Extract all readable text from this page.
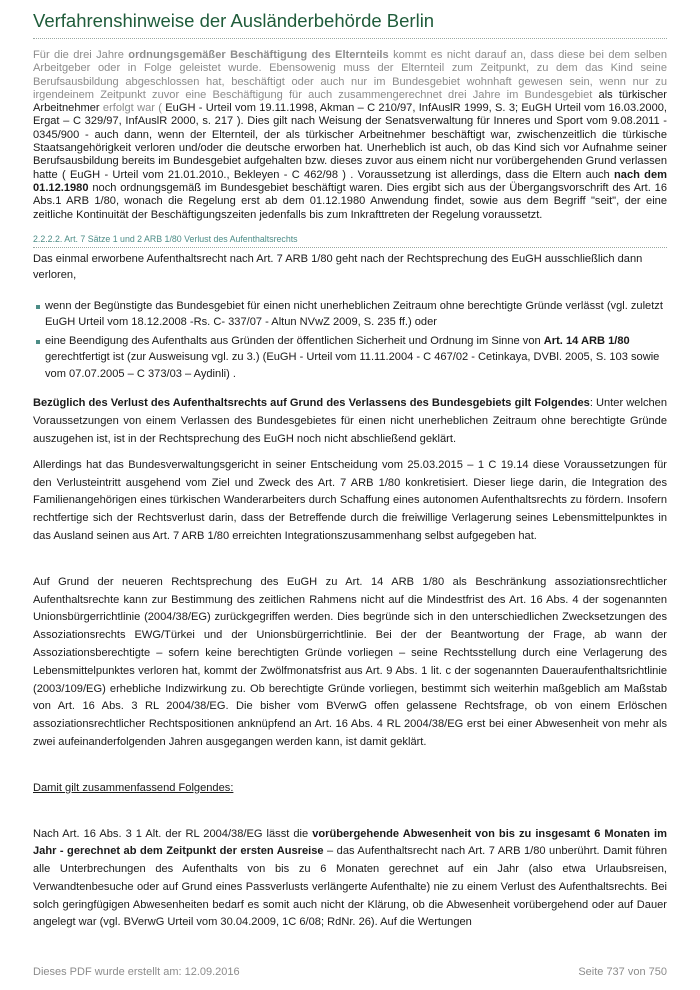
Verfahrenshinweise der Ausländerbehörde Berlin

Für die drei Jahre ordnungsgemäßer Beschäftigung des Elternteils kommt es nicht darauf an, dass diese bei dem selben Arbeitgeber oder in Folge geleistet wurde. Ebensowenig muss der Elternteil zum Zeitpunkt, zu dem das Kind seine Berufsausbildung abgeschlossen hat, beschäftigt oder auch nur im Bundesgebiet wohnhaft gewesen sein, wenn nur zu irgendeinem Zeitpunkt zuvor eine Beschäftigung für auch zusammengerechnet drei Jahre im Bundesgebiet als türkischer Arbeitnehmer erfolgt war ( EuGH - Urteil vom 19.11.1998, Akman – C 210/97, InfAuslR 1999, S. 3; EuGH Urteil vom 16.03.2000, Ergat – C 329/97, InfAuslR 2000, s. 217 ). Dies gilt nach Weisung der Senatsverwaltung für Inneres und Sport vom 9.08.2011 - 0345/900 - auch dann, wenn der Elternteil, der als türkischer Arbeitnehmer beschäftigt war, zwischenzeitlich die türkische Staatsangehörigkeit verloren und/oder die deutsche erworben hat. Unerheblich ist auch, ob das Kind sich vor Aufnahme seiner Berufsausbildung bereits im Bundesgebiet aufgehalten bzw. dieses zuvor aus einem nicht nur vorübergehenden Grund verlassen hatte ( EuGH - Urteil vom 21.01.2010., Bekleyen - C 462/98 ) . Voraussetzung ist allerdings, dass die Eltern auch nach dem 01.12.1980 noch ordnungsgemäß im Bundesgebiet beschäftigt waren. Dies ergibt sich aus der Übergangsvorschrift des Art. 16 Abs.1 ARB 1/80, wonach die Regelung erst ab dem 01.12.1980 Anwendung findet, sowie aus dem Begriff "seit", der eine zeitliche Kontinuität der Beschäftigungszeiten jedenfalls bis zum Inkrafttreten der Regelung voraussetzt.

2.2.2.2. Art. 7 Sätze 1 und 2 ARB 1/80 Verlust des Aufenthaltsrechts

Das einmal erworbene Aufenthaltsrecht nach Art. 7 ARB 1/80 geht nach der Rechtsprechung des EuGH ausschließlich dann verloren,

wenn der Begünstigte das Bundesgebiet für einen nicht unerheblichen Zeitraum ohne berechtigte Gründe verlässt (vgl. zuletzt EuGH Urteil vom 18.12.2008 -Rs. C- 337/07 - Altun NVwZ 2009, S. 235 ff.) oder
eine Beendigung des Aufenthalts aus Gründen der öffentlichen Sicherheit und Ordnung im Sinne von Art. 14 ARB 1/80 gerechtfertigt ist (zur Ausweisung vgl. zu 3.) (EuGH - Urteil vom 11.11.2004 - C 467/02 - Cetinkaya, DVBl. 2005, S. 103 sowie vom 07.07.2005 – C 373/03 – Aydinli) .

Bezüglich des Verlust des Aufenthaltsrechts auf Grund des Verlassens des Bundesgebiets gilt Folgendes: Unter welchen Voraussetzungen von einem Verlassen des Bundesgebietes für einen nicht unerheblichen Zeitraum ohne berechtigte Gründe auszugehen ist, ist in der Rechtsprechung des EuGH noch nicht abschließend geklärt.

Allerdings hat das Bundesverwaltungsgericht in seiner Entscheidung vom 25.03.2015 – 1 C 19.14 diese Voraussetzungen für den Verlusteintritt ausgehend vom Ziel und Zweck des Art. 7 ARB 1/80 konkretisiert. Dieser liege darin, die Integration des Familienangehörigen eines türkischen Wanderarbeiters durch Schaffung eines autonomen Aufenthaltsrechts zu fördern. Insofern rechtfertige sich der Rechtsverlust darin, dass der Betreffende durch die freiwillige Verlagerung seines Lebensmittelpunktes in das Ausland seinen aus Art. 7 ARB 1/80 erreichten Integrationszusammenhang selbst aufgegeben hat.

Auf Grund der neueren Rechtsprechung des EuGH zu Art. 14 ARB 1/80 als Beschränkung assoziationsrechtlicher Aufenthaltsrechte kann zur Bestimmung des zeitlichen Rahmens nicht auf die Mindestfrist des Art. 16 Abs. 4 der sogenannten Unionsbürgerrichtlinie (2004/38/EG) zurückgegriffen werden. Dies begründe sich in den unterschiedlichen Zwecksetzungen des Assoziationsrechts EWG/Türkei und der Unionsbürgerrichtlinie. Bei der der Beantwortung der Frage, ab wann der Assoziationsberechtigte – sofern keine berechtigten Gründe vorliegen – seine Rechtsstellung durch eine Verlagerung des Lebensmittelpunktes verloren hat, kommt der Zwölfmonatsfrist aus Art. 9 Abs. 1 lit. c der sogenannten Daueraufenthaltsrichtlinie (2003/109/EG) erhebliche Indizwirkung zu. Ob berechtigte Gründe vorliegen, bestimmt sich weiterhin maßgeblich am Maßstab von Art. 16 Abs. 3 RL 2004/38/EG. Die bisher vom BVerwG offen gelassene Rechtsfrage, ob von einem Erlöschen assoziationsrechtlicher Rechtspositionen anknüpfend an Art. 16 Abs. 4 RL 2004/38/EG erst bei einer Abwesenheit von mehr als zwei aufeinanderfolgenden Jahren ausgegangen werden kann, ist damit geklärt.

Damit gilt zusammenfassend Folgendes:

Nach Art. 16 Abs. 3 1 Alt. der RL 2004/38/EG lässt die vorübergehende Abwesenheit von bis zu insgesamt 6 Monaten im Jahr - gerechnet ab dem Zeitpunkt der ersten Ausreise – das Aufenthaltsrecht nach Art. 7 ARB 1/80 unberührt. Damit führen alle Unterbrechungen des Aufenthalts von bis zu 6 Monaten gerechnet auf ein Jahr (also etwa Urlaubsreisen, Verwandtenbesuche oder auf Grund eines Passverlusts verlängerte Aufenthalte) nie zu einem Verlust des Aufenthaltsrechts. Bei solch geringfügigen Abwesenheiten bedarf es somit auch nicht der Klärung, ob die Abwesenheit vorübergehend oder auf Dauer angelegt war (vgl. BVerwG Urteil vom 30.04.2009, 1C 6/08; RdNr. 26). Auf die Wertungen

Dieses PDF wurde erstellt am: 12.09.2016	Seite 737 von 750
